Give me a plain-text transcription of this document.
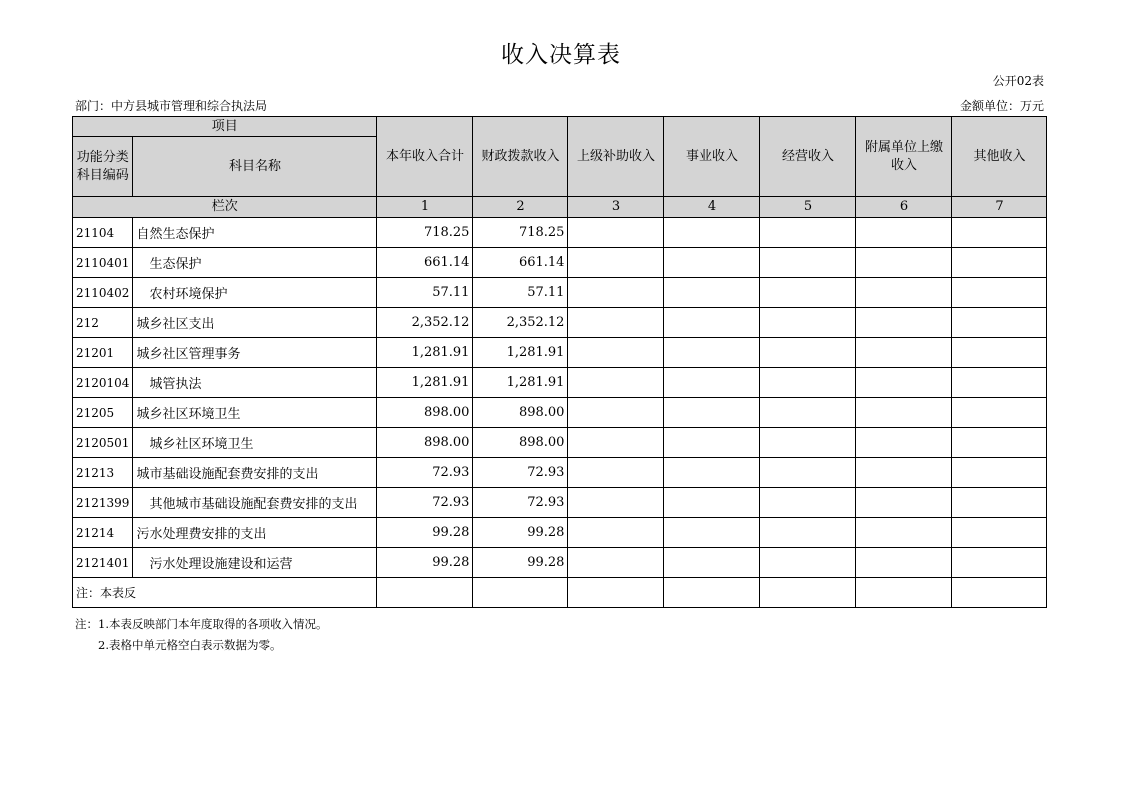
收入决算表
公开02表
部门：中方县城市管理和综合执法局	金额单位：万元
项目		本年收入合计	财政拨款收入	上级补助收入	事业收入	经营收入	附属单位上缴收入	其他收入
功能分类科目编码	科目名称							
栏次		1	2	3	4	5	6	7
21104	自然生态保护	718.25	718.25					
2110401	生态保护	661.14	661.14					
2110402	农村环境保护	57.11	57.11					
212	城乡社区支出	2,352.12	2,352.12					
21201	城乡社区管理事务	1,281.91	1,281.91					
2120104	城管执法	1,281.91	1,281.91					
21205	城乡社区环境卫生	898.00	898.00					
2120501	城乡社区环境卫生	898.00	898.00					
21213	城市基础设施配套费安排的支出	72.93	72.93					
2121399	其他城市基础设施配套费安排的支出	72.93	72.93					
21214	污水处理费安排的支出	99.28	99.28					
2121401	污水处理设施建设和运营	99.28	99.28					
注：本表反								
注：1.本表反映部门本年度取得的各项收入情况。
2.表格中单元格空白表示数据为零。
